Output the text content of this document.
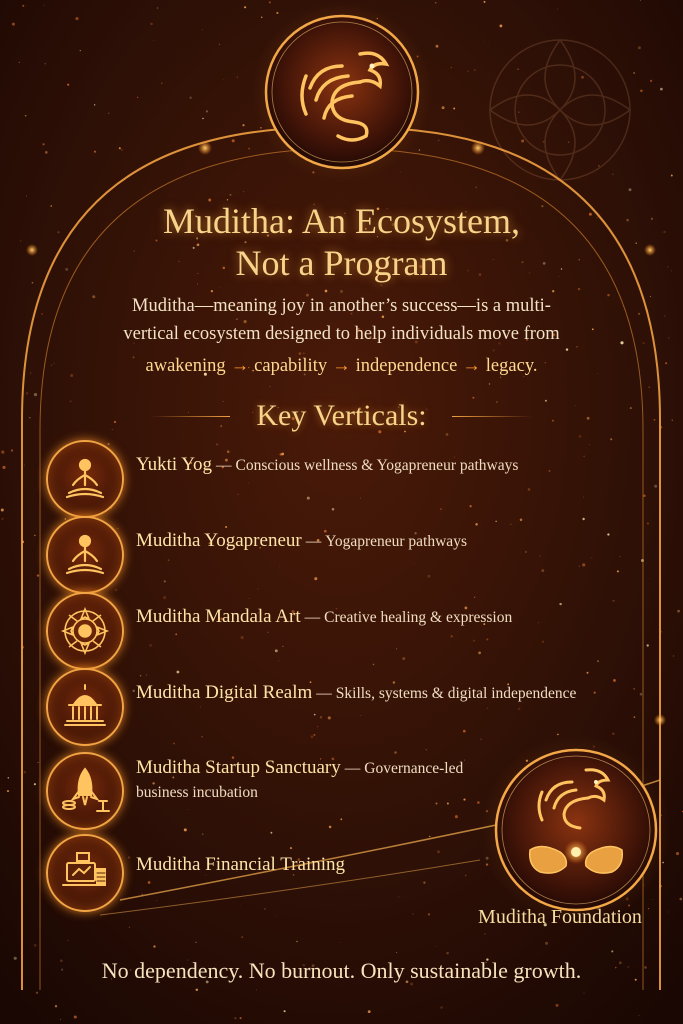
Muditha: An Ecosystem,
Not a Program
Muditha—meaning joy in another’s success—is a multi-
vertical ecosystem designed to help individuals move from
awakening → capability → independence → legacy.
Key Verticals:
Yukti Yog — Conscious wellness & Yogapreneur pathways
Muditha Yogapreneur — Yogapreneur pathways
Muditha Mandala Art — Creative healing & expression
Muditha Digital Realm — Skills, systems & digital independence
Muditha Startup Sanctuary — Governance-led
business incubation
Muditha Financial Training
Muditha Foundation
No dependency. No burnout. Only sustainable growth.
